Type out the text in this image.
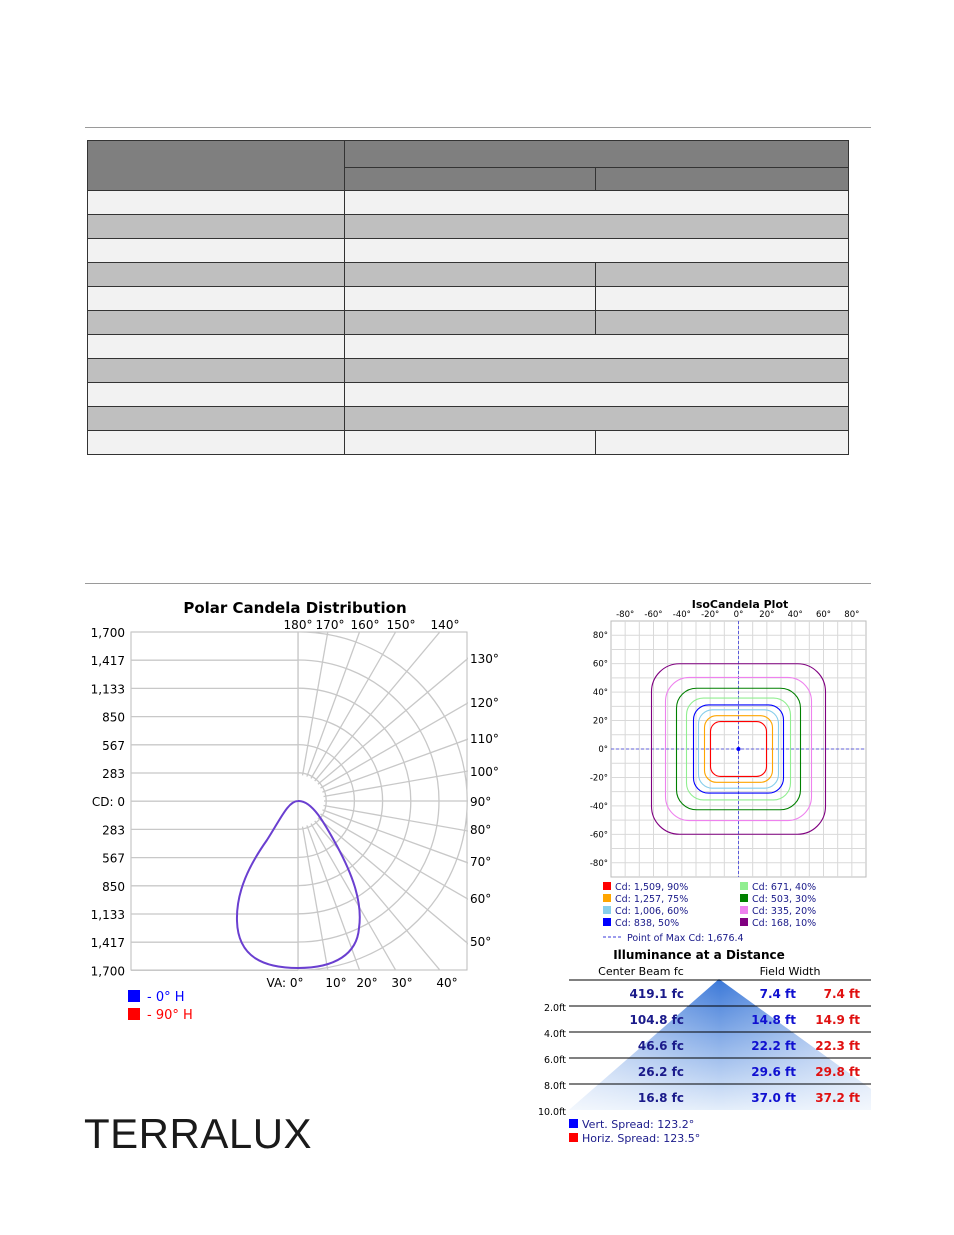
Polar Candela Distribution
1,700
1,417
1,133
850
567
283
CD: 0
283
567
850
1,133
1,417
1,700
180° 170° 160° 150° 140°
130°
120°
110°
100°
90°
80°
70°
60°
50°
VA: 0° 10° 20° 30° 40°
- 0° H
- 90° H
IsoCandela Plot
-80° -60° -40° -20° 0° 20° 40° 60° 80°
80°
60°
40°
20°
0°
-20°
-40°
-60°
-80°
Cd: 1,509, 90%
Cd: 1,257, 75%
Cd: 1,006, 60%
Cd: 838, 50%
Cd: 671, 40%
Cd: 503, 30%
Cd: 335, 20%
Cd: 168, 10%
Point of Max Cd: 1,676.4
Illuminance at a Distance
Center Beam fc	Field Width
2.0ft
419.1 fc	7.4 ft 7.4 ft
4.0ft
104.8 fc	14.8 ft 14.9 ft
6.0ft
46.6 fc	22.2 ft 22.3 ft
8.0ft
26.2 fc	29.6 ft 29.8 ft
10.0ft
16.8 fc	37.0 ft 37.2 ft
Vert. Spread: 123.2°
Horiz. Spread: 123.5°
TERRALUX
